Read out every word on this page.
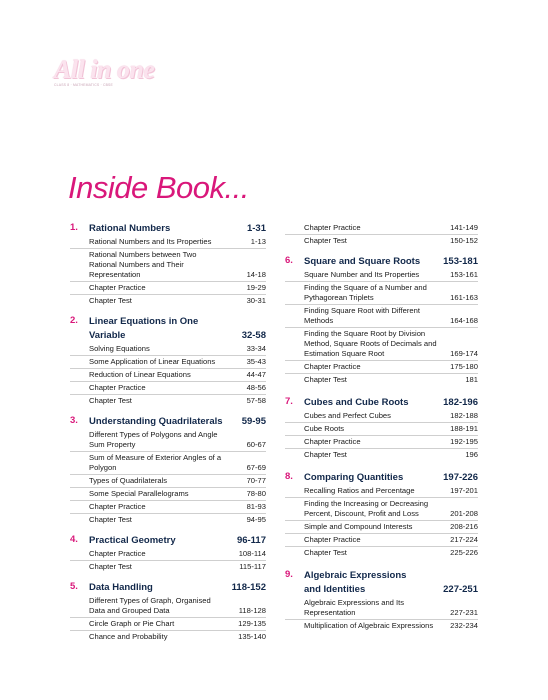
All in one
CLASS 8 · MATHEMATICS · CBSE
Inside Book...
1. Rational Numbers	1-31
Rational Numbers and Its Properties	1-13
Rational Numbers between Two Rational Numbers and Their Representation	14-18
Chapter Practice	19-29
Chapter Test	30-31
2. Linear Equations in One
Variable	32-58
Solving Equations	33-34
Some Application of Linear Equations	35-43
Reduction of Linear Equations	44-47
Chapter Practice	48-56
Chapter Test	57-58
3. Understanding Quadrilaterals 59-95
Different Types of Polygons and Angle Sum Property	60-67
Sum of Measure of Exterior Angles of a Polygon	67-69
Types of Quadrilaterals	70-77
Some Special Parallelograms	78-80
Chapter Practice	81-93
Chapter Test	94-95
4. Practical Geometry	96-117
Chapter Practice	108-114
Chapter Test	115-117
5. Data Handling	118-152
Different Types of Graph, Organised Data and Grouped Data	118-128
Circle Graph or Pie Chart	129-135
Chance and Probability	135-140
Chapter Practice	141-149
Chapter Test	150-152
6. Square and Square Roots 153-181
Square Number and Its Properties	153-161
Finding the Square of a Number and Pythagorean Triplets	161-163
Finding Square Root with Different Methods	164-168
Finding the Square Root by Division Method, Square Roots of Decimals and Estimation Square Root	169-174
Chapter Practice	175-180
Chapter Test	181
7. Cubes and Cube Roots	182-196
Cubes and Perfect Cubes	182-188
Cube Roots	188-191
Chapter Practice	192-195
Chapter Test	196
8. Comparing Quantities	197-226
Recalling Ratios and Percentage	197-201
Finding the Increasing or Decreasing Percent, Discount, Profit and Loss	201-208
Simple and Compound Interests	208-216
Chapter Practice	217-224
Chapter Test	225-226
9. Algebraic Expressions
and Identities	227-251
Algebraic Expressions and Its Representation	227-231
Multiplication of Algebraic Expressions	232-234
